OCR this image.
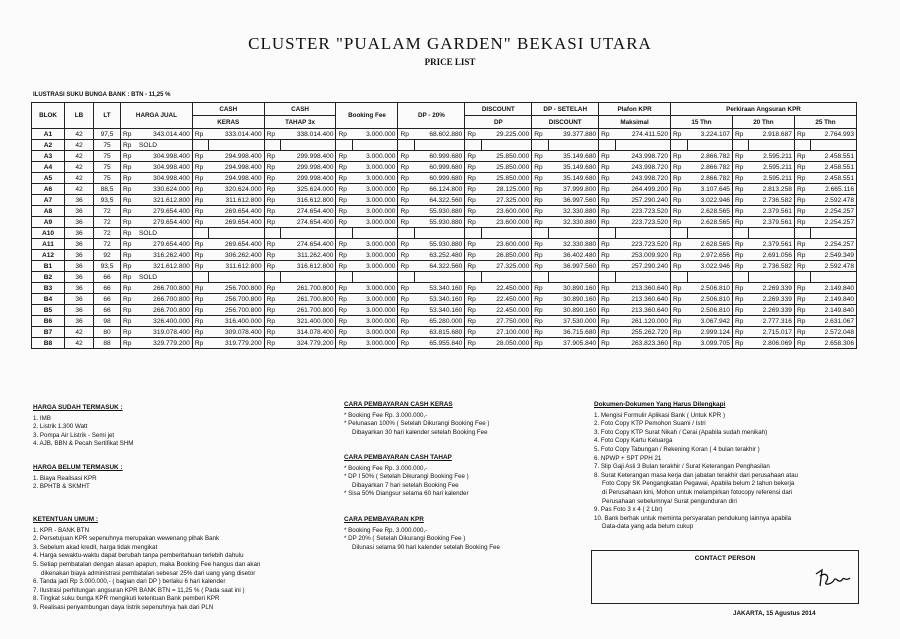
CLUSTER "PUALAM GARDEN" BEKASI UTARA
PRICE LIST
ILUSTRASI SUKU BUNGA BANK : BTN - 11,25 %
BLOK	LB	LT	HARGA JUAL		CASH		CASH		Booking Fee		DP - 20%		DISCOUNT		DP - SETELAH		Plafon KPR		Perkiraan Angsuran KPR					
					KERAS		TAHAP 3x						DP		DISCOUNT		Maksimal		15 Thn		20 Thn		25 Thn	
A1	42	97,5	Rp	343.014.400	Rp	333.014.400	Rp	338.014.400	Rp	3.000.000	Rp	68.602.880	Rp	29.225.000	Rp	39.377.880	Rp	274.411.520	Rp	3.224.107	Rp	2.918.687	Rp	2.764.993
A2	42	75	Rp	SOLD																				
A3	42	75	Rp	304.998.400	Rp	294.998.400	Rp	299.998.400	Rp	3.000.000	Rp	60.999.680	Rp	25.850.000	Rp	35.149.680	Rp	243.998.720	Rp	2.866.782	Rp	2.595.211	Rp	2.458.551
A4	42	75	Rp	304.998.400	Rp	294.998.400	Rp	299.998.400	Rp	3.000.000	Rp	60.999.680	Rp	25.850.000	Rp	35.149.680	Rp	243.998.720	Rp	2.866.782	Rp	2.595.211	Rp	2.458.551
A5	42	75	Rp	304.998.400	Rp	294.998.400	Rp	299.998.400	Rp	3.000.000	Rp	60.999.680	Rp	25.850.000	Rp	35.149.680	Rp	243.998.720	Rp	2.866.782	Rp	2.595.211	Rp	2.458.551
A6	42	88,5	Rp	330.624.000	Rp	320.624.000	Rp	325.624.000	Rp	3.000.000	Rp	66.124.800	Rp	28.125.000	Rp	37.999.800	Rp	264.499.200	Rp	3.107.645	Rp	2.813.258	Rp	2.665.116
A7	36	93,5	Rp	321.612.800	Rp	311.612.800	Rp	316.612.800	Rp	3.000.000	Rp	64.322.560	Rp	27.325.000	Rp	36.997.560	Rp	257.290.240	Rp	3.022.946	Rp	2.736.582	Rp	2.592.478
A8	36	72	Rp	279.654.400	Rp	269.654.400	Rp	274.654.400	Rp	3.000.000	Rp	55.930.880	Rp	23.600.000	Rp	32.330.880	Rp	223.723.520	Rp	2.628.565	Rp	2.379.561	Rp	2.254.257
A9	36	72	Rp	279.654.400	Rp	269.654.400	Rp	274.654.400	Rp	3.000.000	Rp	55.930.880	Rp	23.600.000	Rp	32.330.880	Rp	223.723.520	Rp	2.628.565	Rp	2.379.561	Rp	2.254.257
A10	36	72	Rp	SOLD																				
A11	36	72	Rp	279.654.400	Rp	269.654.400	Rp	274.654.400	Rp	3.000.000	Rp	55.930.880	Rp	23.600.000	Rp	32.330.880	Rp	223.723.520	Rp	2.628.565	Rp	2.379.561	Rp	2.254.257
A12	36	92	Rp	316.262.400	Rp	306.262.400	Rp	311.262.400	Rp	3.000.000	Rp	63.252.480	Rp	26.850.000	Rp	36.402.480	Rp	253.009.920	Rp	2.972.656	Rp	2.691.056	Rp	2.549.349
B1	36	93,5	Rp	321.612.800	Rp	311.612.800	Rp	316.612.800	Rp	3.000.000	Rp	64.322.560	Rp	27.325.000	Rp	36.997.560	Rp	257.290.240	Rp	3.022.946	Rp	2.736.582	Rp	2.592.478
B2	36	66	Rp	SOLD																				
B3	36	66	Rp	266.700.800	Rp	256.700.800	Rp	261.700.800	Rp	3.000.000	Rp	53.340.160	Rp	22.450.000	Rp	30.890.160	Rp	213.360.640	Rp	2.506.810	Rp	2.269.339	Rp	2.149.840
B4	36	66	Rp	266.700.800	Rp	256.700.800	Rp	261.700.800	Rp	3.000.000	Rp	53.340.160	Rp	22.450.000	Rp	30.890.160	Rp	213.360.640	Rp	2.506.810	Rp	2.269.339	Rp	2.149.840
B5	36	66	Rp	266.700.800	Rp	256.700.800	Rp	261.700.800	Rp	3.000.000	Rp	53.340.160	Rp	22.450.000	Rp	30.890.160	Rp	213.360.640	Rp	2.506.810	Rp	2.269.339	Rp	2.149.840
B6	36	98	Rp	326.400.000	Rp	316.400.000	Rp	321.400.000	Rp	3.000.000	Rp	65.280.000	Rp	27.750.000	Rp	37.530.000	Rp	261.120.000	Rp	3.067.942	Rp	2.777.316	Rp	2.631.067
B7	42	80	Rp	319.078.400	Rp	309.078.400	Rp	314.078.400	Rp	3.000.000	Rp	63.815.680	Rp	27.100.000	Rp	36.715.680	Rp	255.262.720	Rp	2.999.124	Rp	2.715.017	Rp	2.572.048
B8	42	88	Rp	329.779.200	Rp	319.779.200	Rp	324.779.200	Rp	3.000.000	Rp	65.955.840	Rp	28.050.000	Rp	37.905.840	Rp	263.823.360	Rp	3.099.705	Rp	2.806.069	Rp	2.658.306
HARGA SUDAH TERMASUK :
1. IMB
2. Listrik 1.300 Watt
3. Pompa Air Listrik - Semi jet
4. AJB, BBN & Pecah Sertifikat SHM
HARGA BELUM TERMASUK :
1. Biaya Realisasi KPR
2. BPHTB & SKMHT
KETENTUAN UMUM :
1. KPR - BANK BTN
2. Persetujuan KPR sepenuhnya merupakan wewenang pihak Bank
3. Sebelum akad kredit, harga tidak mengikat
4. Harga sewaktu-waktu dapat berubah tanpa pemberitahuan terlebih dahulu
5. Setiap pembatalan dengan alasan apapun, maka Booking Fee hangus dan akan
dikenakan biaya administrasi pembatalan sebesar 25% dari uang yang disetor
6. Tanda jadi Rp 3.000.000,- ( bagian dari DP ) berlaku 6 hari kalender
7. Ilustrasi perhitungan angsuran KPR BANK BTN = 11,25 % ( Pada saat ini )
8. Tingkat suku bunga KPR mengikuti ketentuan Bank pemberi KPR
9. Realisasi penyambungan daya listrik sepenuhnya hak dari PLN
CARA PEMBAYARAN CASH KERAS
* Booking Fee Rp. 3.000.000,-
* Pelunasan 100% ( Setelah Dikurangi Booking Fee )
Dibayarkan 30 hari kalender setelah Booking Fee
CARA PEMBAYARAN CASH TAHAP
* Booking Fee Rp. 3.000.000,-
* DP I 50% ( Setelah Dikurangi Booking Fee )
Dibayarkan 7 hari setelah Booking Fee
* Sisa 50% Diangsur selama 60 hari kalender
CARA PEMBAYARAN KPR
* Booking Fee Rp. 3.000.000,-
* DP 20% ( Setelah Dikurangi Booking Fee )
Dilunasi selama 90 hari kalender setelah Booking Fee
Dokumen-Dokumen Yang Harus Dilengkapi
1. Mengisi Formulir Aplikasi Bank ( Untuk KPR )
2. Foto Copy KTP Pemohon Suami / Istri
3. Foto Copy KTP Surat Nikah / Cerai (Apabila sudah menikah)
4. Foto Copy Kartu Keluarga
5. Foto Copy Tabungan / Rekening Koran ( 4 bulan terakhir )
6. NPWP + SPT PPH 21
7. Slip Gaji Asli 3 Bulan terakhir / Surat Keterangan Penghasilan
8. Surat Keterangan masa kerja dan jabatan terakhir dari perusahaan atau
Foto Copy SK Pengangkatan Pegawai, Apabila belum 2 tahun bekerja
di Perusahaan kini, Mohon untuk melampirkan fotocopy referensi dari
Perusahaan sebelumnya/ Surat pengunduran diri
9. Pas Foto 3 x 4 ( 2 Lbr)
10. Bank berhak untuk meminta persyaratan pendukung lainnya apabila
Data-data yang ada belum cukup
CONTACT PERSON
JAKARTA, 15 Agustus 2014
